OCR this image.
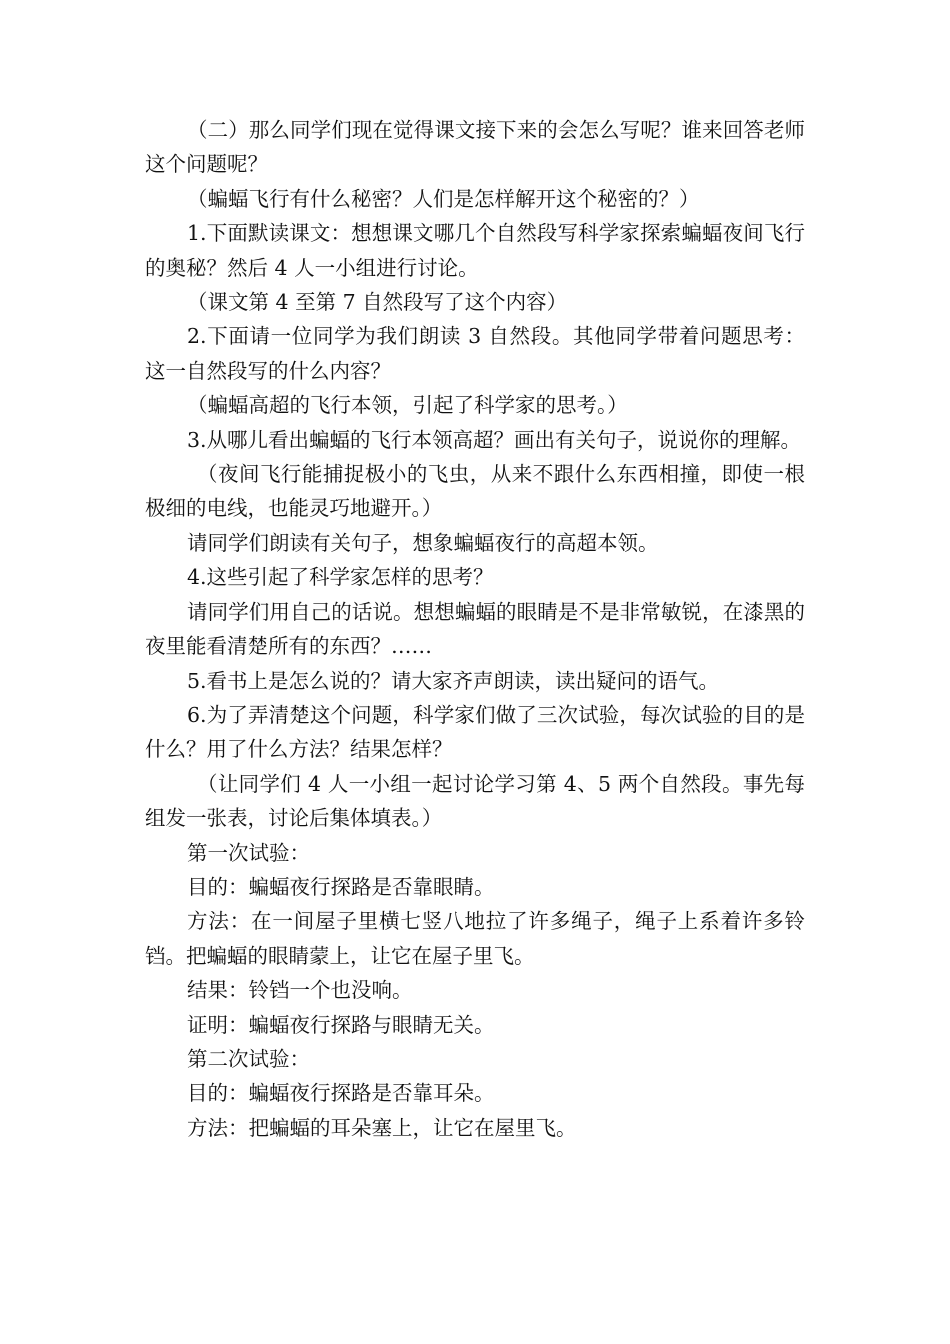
（二）那么同学们现在觉得课文接下来的会怎么写呢？谁来回答老师这个问题呢？

（蝙蝠飞行有什么秘密？人们是怎样解开这个秘密的？）

1.下面默读课文：想想课文哪几个自然段写科学家探索蝙蝠夜间飞行的奥秘？然后 4 人一小组进行讨论。

（课文第 4 至第 7 自然段写了这个内容）

2.下面请一位同学为我们朗读 3 自然段。其他同学带着问题思考：这一自然段写的什么内容？

（蝙蝠高超的飞行本领，引起了科学家的思考。）

3.从哪儿看出蝙蝠的飞行本领高超？画出有关句子，说说你的理解。

（夜间飞行能捕捉极小的飞虫，从来不跟什么东西相撞，即使一根极细的电线，也能灵巧地避开。）

请同学们朗读有关句子，想象蝙蝠夜行的高超本领。

4.这些引起了科学家怎样的思考？

请同学们用自己的话说。想想蝙蝠的眼睛是不是非常敏锐，在漆黑的夜里能看清楚所有的东西？……

5.看书上是怎么说的？请大家齐声朗读，读出疑问的语气。

6.为了弄清楚这个问题，科学家们做了三次试验，每次试验的目的是什么？用了什么方法？结果怎样？

（让同学们 4 人一小组一起讨论学习第 4、5 两个自然段。事先每组发一张表，讨论后集体填表。）

第一次试验：

目的：蝙蝠夜行探路是否靠眼睛。

方法：在一间屋子里横七竖八地拉了许多绳子，绳子上系着许多铃铛。把蝙蝠的眼睛蒙上，让它在屋子里飞。

结果：铃铛一个也没响。

证明：蝙蝠夜行探路与眼睛无关。

第二次试验：

目的：蝙蝠夜行探路是否靠耳朵。

方法：把蝙蝠的耳朵塞上，让它在屋里飞。
